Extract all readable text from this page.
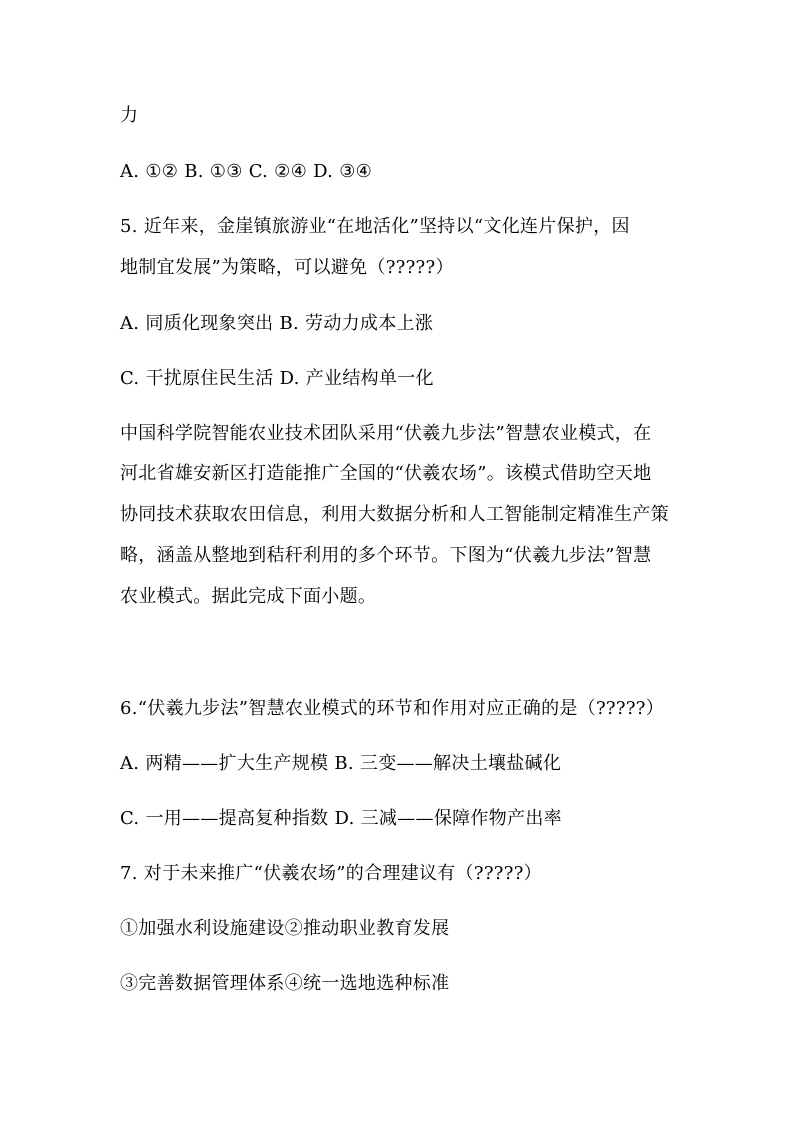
力
A. ①② B. ①③ C. ②④ D. ③④
5. 近年来，金崖镇旅游业“在地活化”坚持以“文化连片保护，因
地制宜发展”为策略，可以避免（?????）
A. 同质化现象突出 B. 劳动力成本上涨
C. 干扰原住民生活 D. 产业结构单一化
中国科学院智能农业技术团队采用“伏羲九步法”智慧农业模式，在
河北省雄安新区打造能推广全国的“伏羲农场”。该模式借助空天地
协同技术获取农田信息，利用大数据分析和人工智能制定精准生产策
略，涵盖从整地到秸秆利用的多个环节。下图为“伏羲九步法”智慧
农业模式。据此完成下面小题。
6.“伏羲九步法”智慧农业模式的环节和作用对应正确的是（?????）
A. 两精——扩大生产规模 B. 三变——解决土壤盐碱化
C. 一用——提高复种指数 D. 三减——保障作物产出率
7. 对于未来推广“伏羲农场”的合理建议有（?????）
①加强水利设施建设②推动职业教育发展
③完善数据管理体系④统一选地选种标准
